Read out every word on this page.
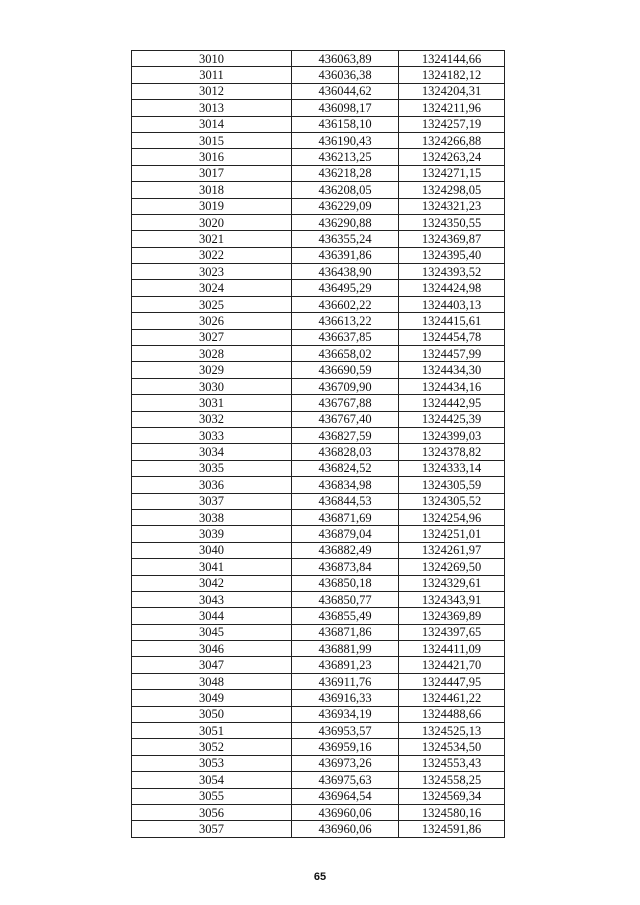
3010	436063,89	1324144,66
3011	436036,38	1324182,12
3012	436044,62	1324204,31
3013	436098,17	1324211,96
3014	436158,10	1324257,19
3015	436190,43	1324266,88
3016	436213,25	1324263,24
3017	436218,28	1324271,15
3018	436208,05	1324298,05
3019	436229,09	1324321,23
3020	436290,88	1324350,55
3021	436355,24	1324369,87
3022	436391,86	1324395,40
3023	436438,90	1324393,52
3024	436495,29	1324424,98
3025	436602,22	1324403,13
3026	436613,22	1324415,61
3027	436637,85	1324454,78
3028	436658,02	1324457,99
3029	436690,59	1324434,30
3030	436709,90	1324434,16
3031	436767,88	1324442,95
3032	436767,40	1324425,39
3033	436827,59	1324399,03
3034	436828,03	1324378,82
3035	436824,52	1324333,14
3036	436834,98	1324305,59
3037	436844,53	1324305,52
3038	436871,69	1324254,96
3039	436879,04	1324251,01
3040	436882,49	1324261,97
3041	436873,84	1324269,50
3042	436850,18	1324329,61
3043	436850,77	1324343,91
3044	436855,49	1324369,89
3045	436871,86	1324397,65
3046	436881,99	1324411,09
3047	436891,23	1324421,70
3048	436911,76	1324447,95
3049	436916,33	1324461,22
3050	436934,19	1324488,66
3051	436953,57	1324525,13
3052	436959,16	1324534,50
3053	436973,26	1324553,43
3054	436975,63	1324558,25
3055	436964,54	1324569,34
3056	436960,06	1324580,16
3057	436960,06	1324591,86
65
